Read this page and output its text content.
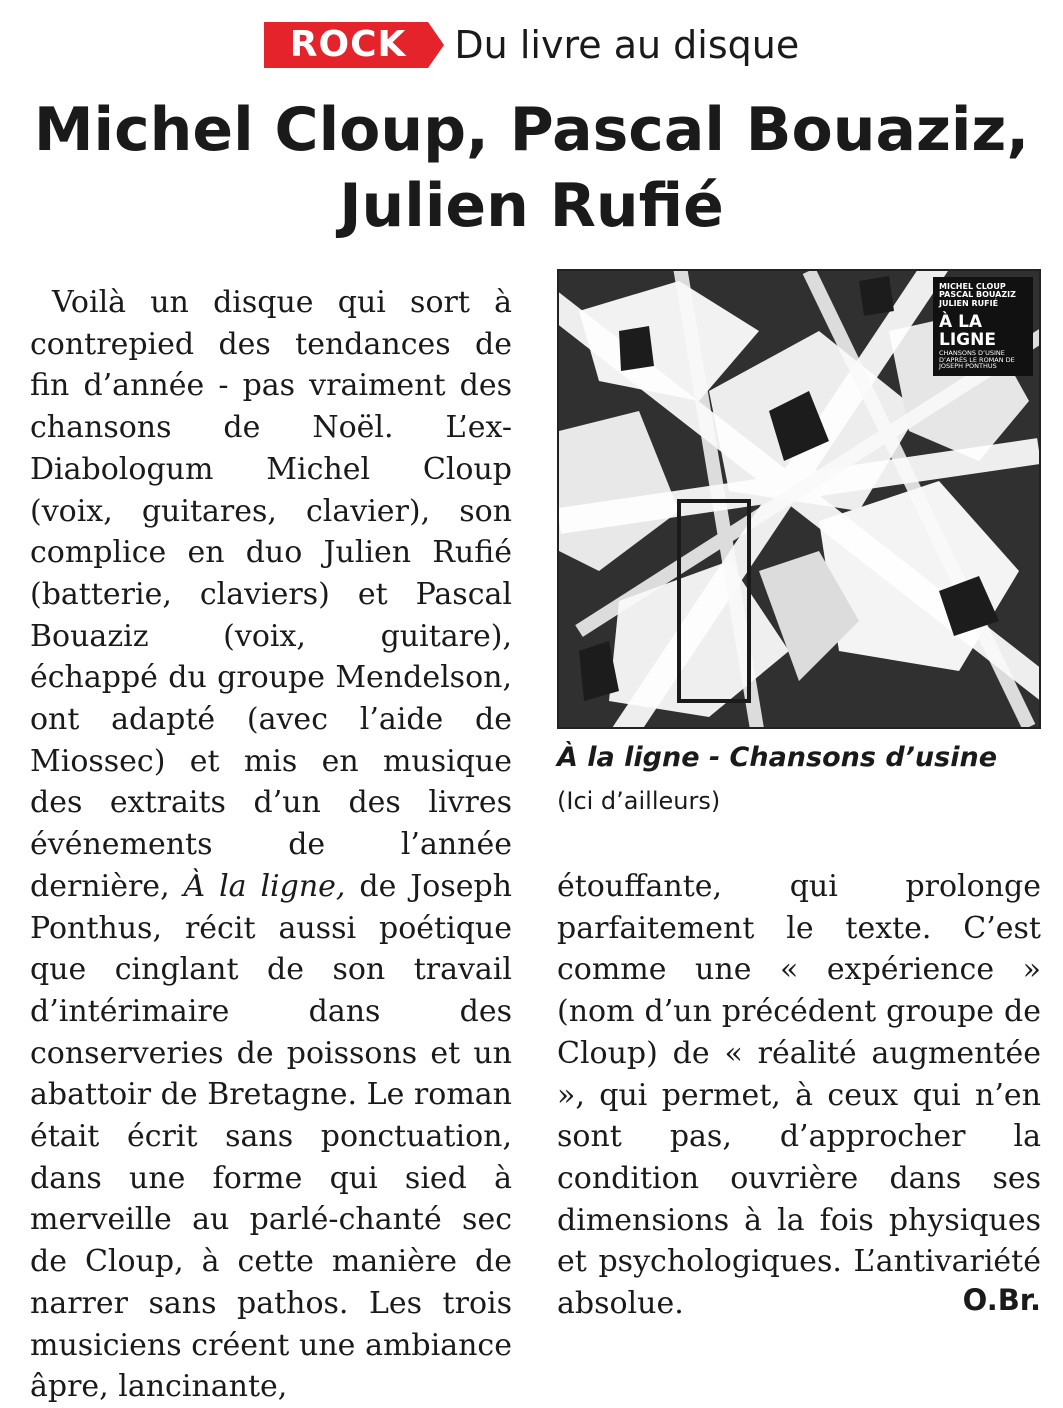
ROCK Du livre au disque
Michel Cloup, Pascal Bouaziz,
Julien Rufié

Voilà un disque qui sort à contrepied des tendances de fin d’année - pas vraiment des chansons de Noël. L’ex-Diabologum Michel Cloup (voix, guitares, clavier), son complice en duo Julien Rufié (batterie, claviers) et Pascal Bouaziz (voix, guitare), échappé du groupe Mendelson, ont adapté (avec l’aide de Miossec) et mis en musique des extraits d’un des livres événements de l’année dernière, À la ligne, de Joseph Ponthus, récit aussi poétique que cinglant de son travail d’intérimaire dans des conserveries de poissons et un abattoir de Bretagne. Le roman était écrit sans ponctuation, dans une forme qui sied à merveille au parlé-chanté sec de Cloup, à cette manière de narrer sans pathos. Les trois musiciens créent une ambiance âpre, lancinante,

MICHEL CLOUP
PASCAL BOUAZIZ
JULIEN RUFIÉ
À LA LIGNE
CHANSONS D’USINE
D’APRÈS LE ROMAN DE
JOSEPH PONTHUS

À la ligne - Chansons d’usine

(Ici d’ailleurs)

étouffante, qui prolonge parfaitement le texte. C’est comme une « expérience » (nom d’un précédent groupe de Cloup) de « réalité augmentée », qui permet, à ceux qui n’en sont pas, d’approcher la condition ouvrière dans ses dimensions à la fois physiques et psychologiques. L’antivariété absolue.	O.Br.
